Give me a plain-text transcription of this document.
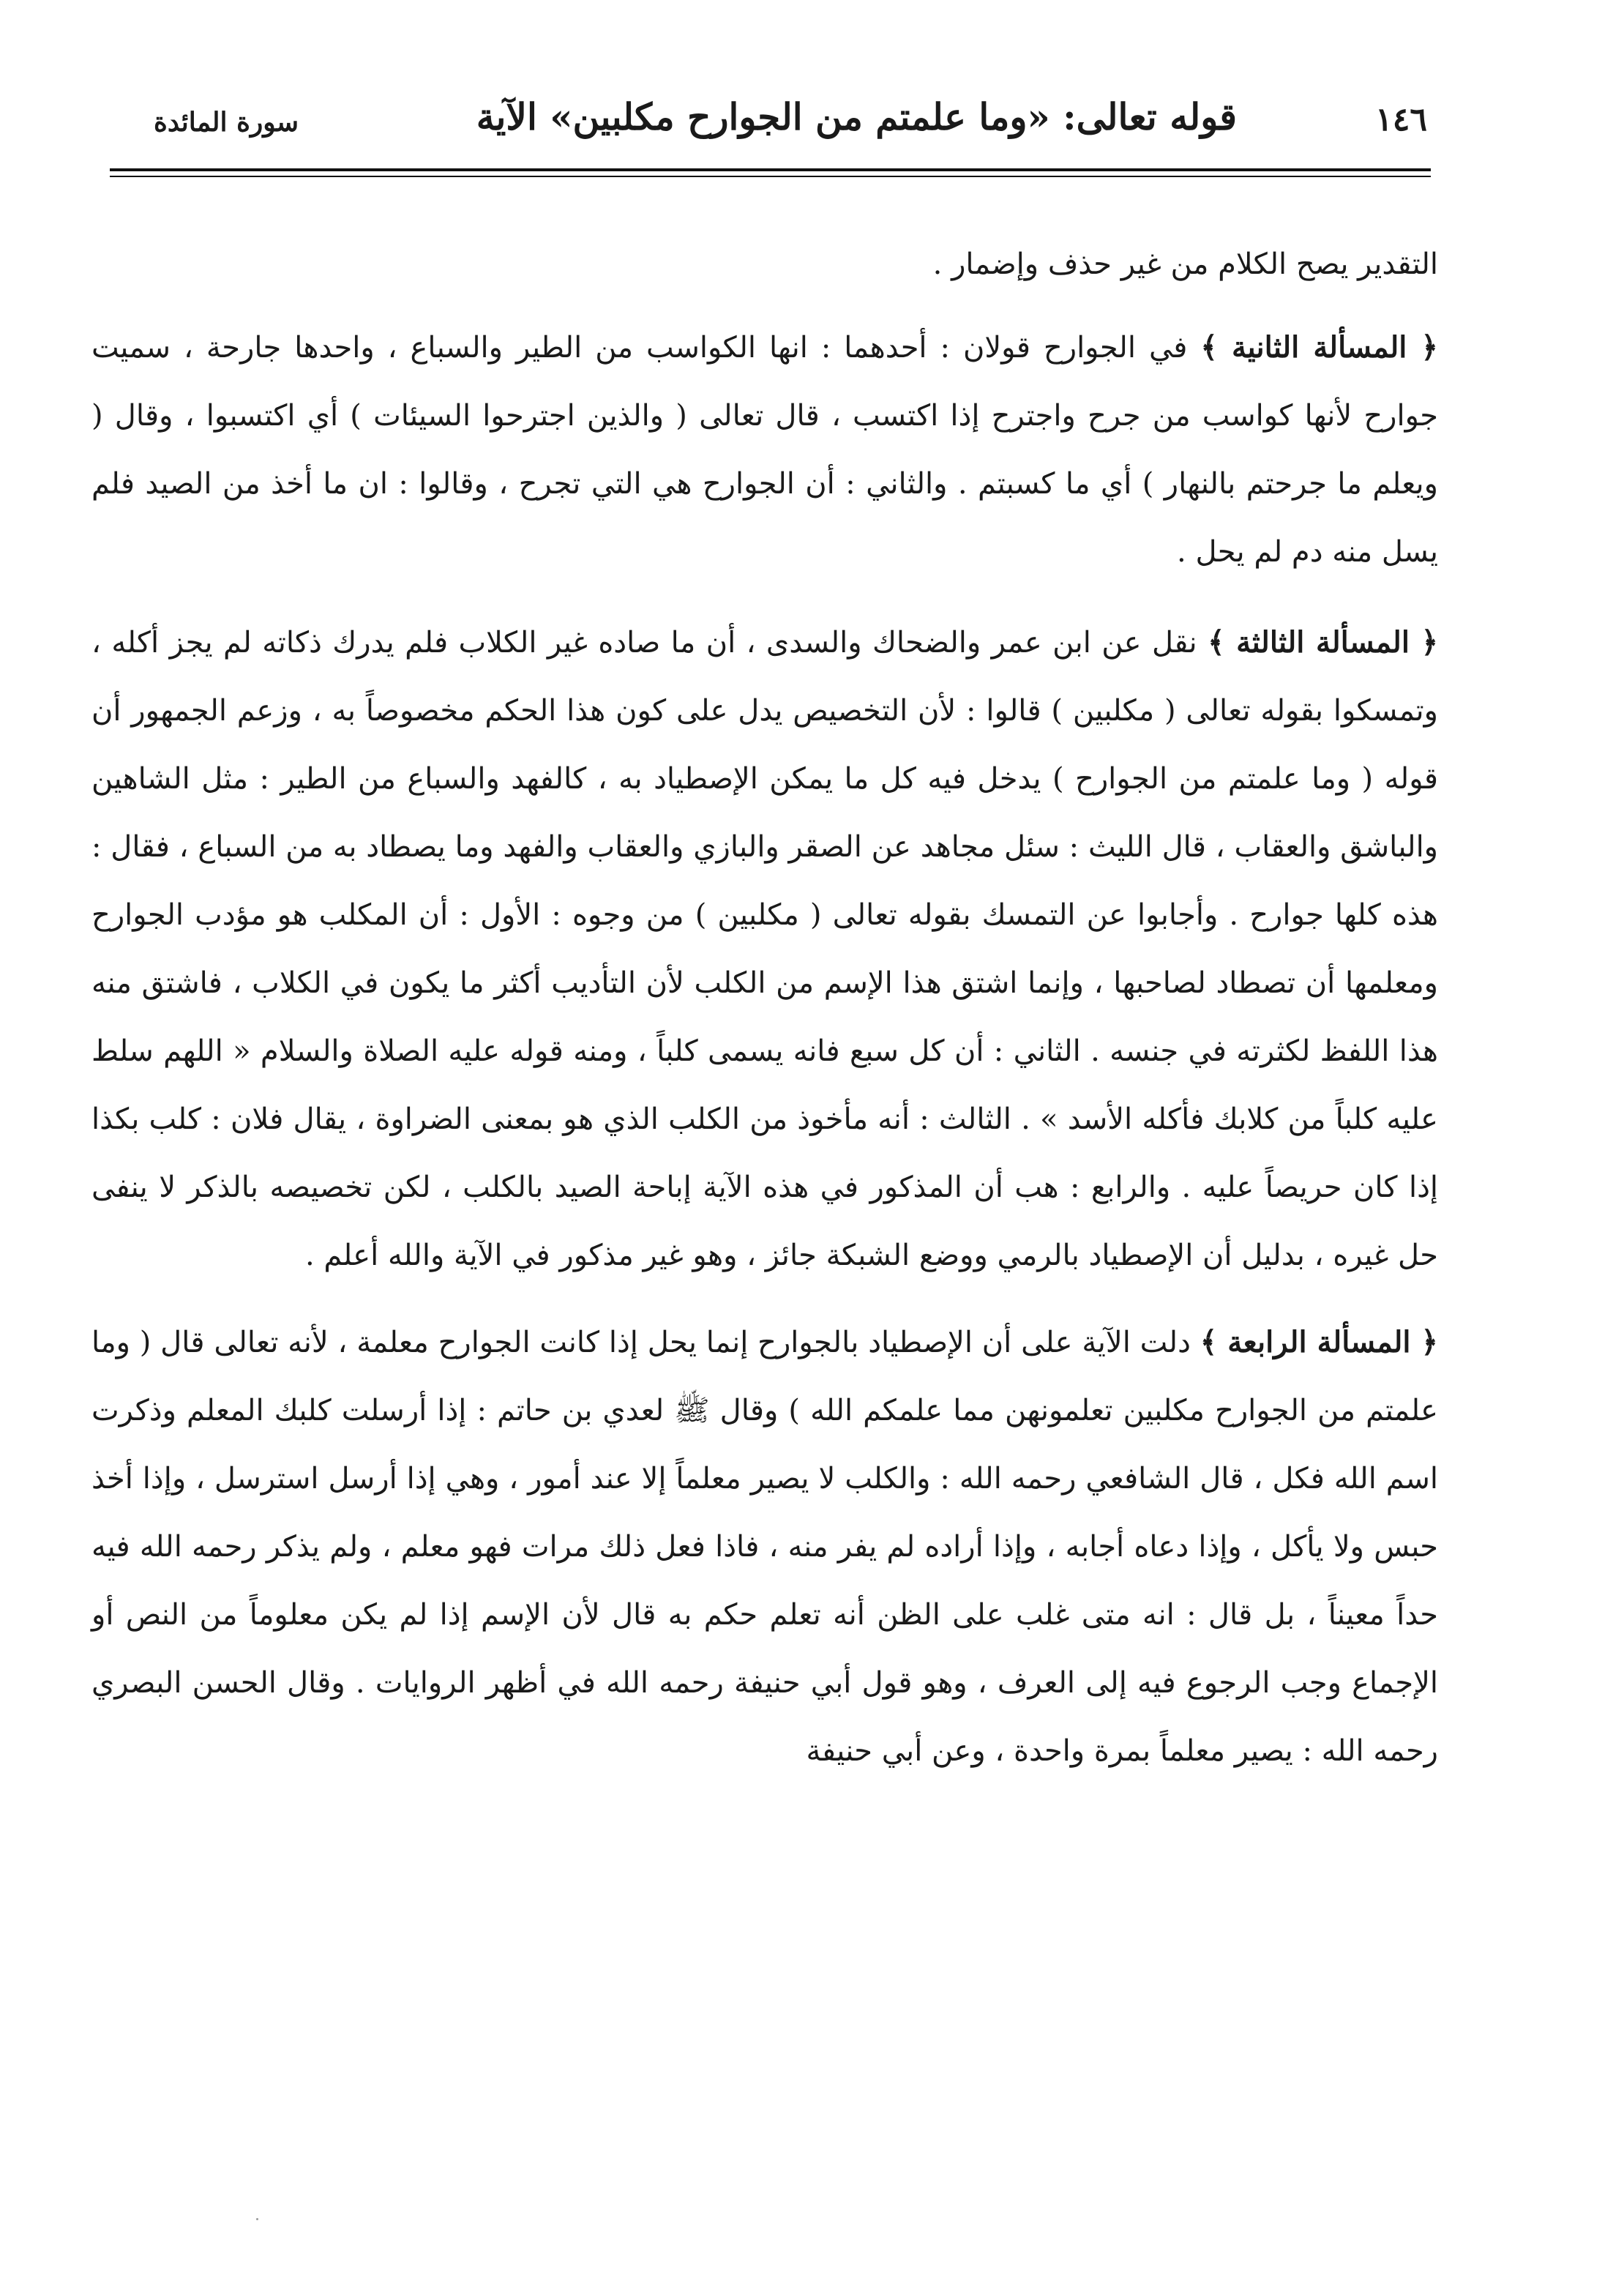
١٤٦
قوله تعالى: «وما علمتم من الجوارح مكلبين» الآية
سورة المائدة

التقدير يصح الكلام من غير حذف وإضمار .

﴿ المسألة الثانية ﴾ في الجوارح قولان : أحدهما : انها الكواسب من الطير والسباع ، واحدها جارحة ، سميت جوارح لأنها كواسب من جرح واجترح إذا اكتسب ، قال تعالى ( والذين اجترحوا السيئات ) أي اكتسبوا ، وقال ( ويعلم ما جرحتم بالنهار ) أي ما كسبتم . والثاني : أن الجوارح هي التي تجرح ، وقالوا : ان ما أخذ من الصيد فلم يسل منه دم لم يحل .

﴿ المسألة الثالثة ﴾ نقل عن ابن عمر والضحاك والسدى ، أن ما صاده غير الكلاب فلم يدرك ذكاته لم يجز أكله ، وتمسكوا بقوله تعالى ( مكلبين ) قالوا : لأن التخصيص يدل على كون هذا الحكم مخصوصاً به ، وزعم الجمهور أن قوله ( وما علمتم من الجوارح ) يدخل فيه كل ما يمكن الإصطياد به ، كالفهد والسباع من الطير : مثل الشاهين والباشق والعقاب ، قال الليث : سئل مجاهد عن الصقر والبازي والعقاب والفهد وما يصطاد به من السباع ، فقال : هذه كلها جوارح . وأجابوا عن التمسك بقوله تعالى ( مكلبين ) من وجوه : الأول : أن المكلب هو مؤدب الجوارح ومعلمها أن تصطاد لصاحبها ، وإنما اشتق هذا الإسم من الكلب لأن التأديب أكثر ما يكون في الكلاب ، فاشتق منه هذا اللفظ لكثرته في جنسه . الثاني : أن كل سبع فانه يسمى كلباً ، ومنه قوله عليه الصلاة والسلام « اللهم سلط عليه كلباً من كلابك فأكله الأسد » . الثالث : أنه مأخوذ من الكلب الذي هو بمعنى الضراوة ، يقال فلان : كلب بكذا إذا كان حريصاً عليه . والرابع : هب أن المذكور في هذه الآية إباحة الصيد بالكلب ، لكن تخصيصه بالذكر لا ينفى حل غيره ، بدليل أن الإصطياد بالرمي ووضع الشبكة جائز ، وهو غير مذكور في الآية والله أعلم .

﴿ المسألة الرابعة ﴾ دلت الآية على أن الإصطياد بالجوارح إنما يحل إذا كانت الجوارح معلمة ، لأنه تعالى قال ( وما علمتم من الجوارح مكلبين تعلمونهن مما علمكم الله ) وقال ﷺ لعدي بن حاتم : إذا أرسلت كلبك المعلم وذكرت اسم الله فكل ، قال الشافعي رحمه الله : والكلب لا يصير معلماً إلا عند أمور ، وهي إذا أرسل استرسل ، وإذا أخذ حبس ولا يأكل ، وإذا دعاه أجابه ، وإذا أراده لم يفر منه ، فاذا فعل ذلك مرات فهو معلم ، ولم يذكر رحمه الله فيه حداً معيناً ، بل قال : انه متى غلب على الظن أنه تعلم حكم به قال لأن الإسم إذا لم يكن معلوماً من النص أو الإجماع وجب الرجوع فيه إلى العرف ، وهو قول أبي حنيفة رحمه الله في أظهر الروايات . وقال الحسن البصري رحمه الله : يصير معلماً بمرة واحدة ، وعن أبي حنيفة
